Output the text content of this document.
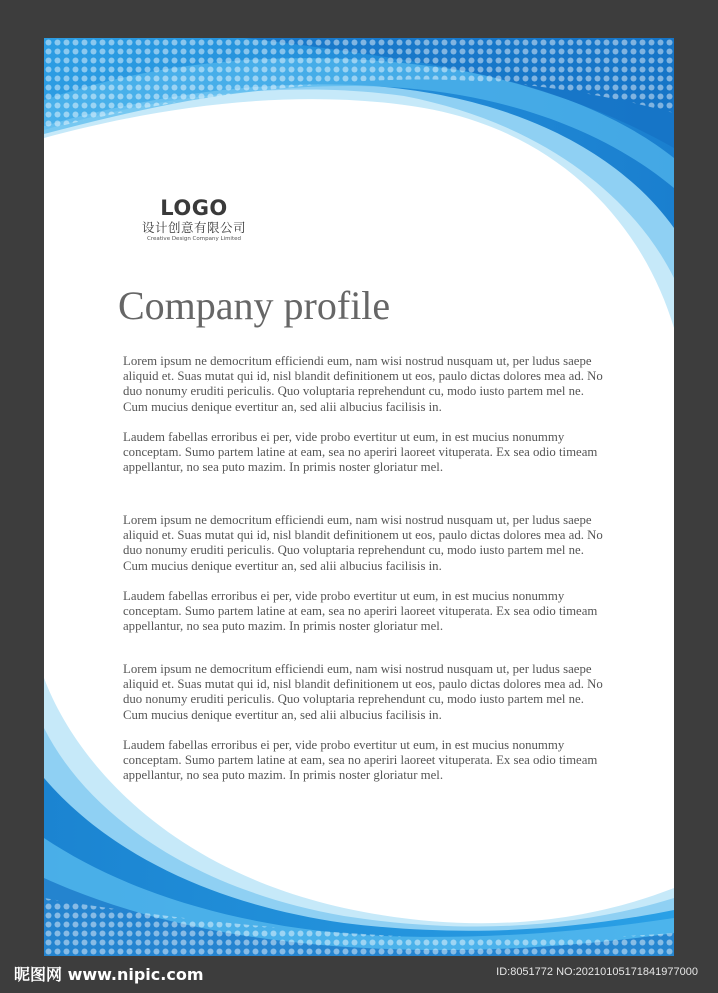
LOGO
设计创意有限公司
Creative Design Company Limited
Company profile

Lorem ipsum ne democritum efficiendi eum, nam wisi nostrud nusquam ut, per ludus saepe aliquid et. Suas mutat qui id, nisl blandit definitionem ut eos, paulo dictas dolores mea ad. No duo nonumy eruditi periculis. Quo voluptaria reprehendunt cu, modo iusto partem mel ne. Cum mucius denique evertitur an, sed alii albucius facilisis in.

Laudem fabellas erroribus ei per, vide probo evertitur ut eum, in est mucius nonummy conceptam. Sumo partem latine at eam, sea no aperiri laoreet vituperata. Ex sea odio timeam appellantur, no sea puto mazim. In primis noster gloriatur mel.

Lorem ipsum ne democritum efficiendi eum, nam wisi nostrud nusquam ut, per ludus saepe aliquid et. Suas mutat qui id, nisl blandit definitionem ut eos, paulo dictas dolores mea ad. No duo nonumy eruditi periculis. Quo voluptaria reprehendunt cu, modo iusto partem mel ne. Cum mucius denique evertitur an, sed alii albucius facilisis in.

Laudem fabellas erroribus ei per, vide probo evertitur ut eum, in est mucius nonummy conceptam. Sumo partem latine at eam, sea no aperiri laoreet vituperata. Ex sea odio timeam appellantur, no sea puto mazim. In primis noster gloriatur mel.

Lorem ipsum ne democritum efficiendi eum, nam wisi nostrud nusquam ut, per ludus saepe aliquid et. Suas mutat qui id, nisl blandit definitionem ut eos, paulo dictas dolores mea ad. No duo nonumy eruditi periculis. Quo voluptaria reprehendunt cu, modo iusto partem mel ne. Cum mucius denique evertitur an, sed alii albucius facilisis in.

Laudem fabellas erroribus ei per, vide probo evertitur ut eum, in est mucius nonummy conceptam. Sumo partem latine at eam, sea no aperiri laoreet vituperata. Ex sea odio timeam appellantur, no sea puto mazim. In primis noster gloriatur mel.

昵图网 www.nipic.com	ID:8051772 NO:20210105171841977000
